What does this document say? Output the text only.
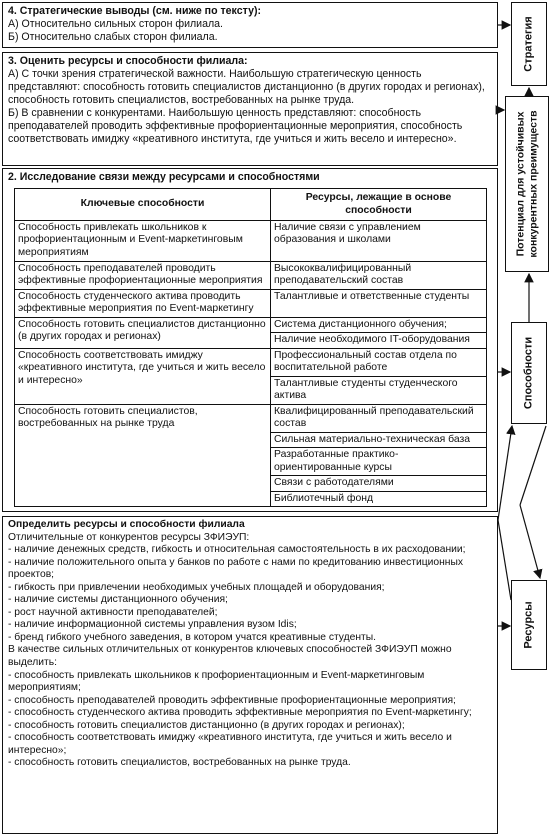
4. Стратегические выводы (см. ниже по тексту):
А) Относительно сильных сторон филиала.
Б) Относительно слабых сторон филиала.
3. Оценить ресурсы и способности филиала:
А) С точки зрения стратегической важности. Наибольшую стратегическую ценность представляют: способность готовить специалистов дистанционно (в других городах и регионах), способность готовить специалистов, востребованных на рынке труда.
Б) В сравнении с конкурентами. Наибольшую ценность представляют: способность преподавателей проводить эффективные профориентационные мероприятия, способность соответствовать имиджу «креативного института, где учиться и жить весело и интересно».
2. Исследование связи между ресурсами и способностями
Ключевые способности	Ресурсы, лежащие в основе способности
Способность привлекать школьников к профориентационным и Event-маркетинговым мероприятиям	Наличие связи с управлением образования и школами
Способность преподавателей проводить эффективные профориентационные мероприятия	Высококвалифицированный преподавательский состав
Способность студенческого актива проводить эффективные мероприятия по Event-маркетингу	Талантливые и ответственные студенты
Способность готовить специалистов дистанционно (в других городах и регионах)	Система дистанционного обучения;
	Наличие необходимого IT-оборудования
Способность соответствовать имиджу «креативного института, где учиться и жить весело и интересно»	Профессиональный состав отдела по воспитательной работе
	Талантливые студенты студенческого актива
Способность готовить специалистов, востребованных на рынке труда	Квалифицированный преподавательский состав
	Сильная материально-техническая база
	Разработанные практико-ориентированные курсы
	Связи с работодателями
	Библиотечный фонд
Определить ресурсы и способности филиала
Отличительные от конкурентов ресурсы ЗФИЭУП:
- наличие денежных средств, гибкость и относительная самостоятельность в их расходовании;
- наличие положительного опыта у банков по работе с нами по кредитованию инвестиционных проектов;
- гибкость при привлечении необходимых учебных площадей и оборудования;
- наличие системы дистанционного обучения;
- рост научной активности преподавателей;
- наличие информационной системы управления вузом Idis;
- бренд гибкого учебного заведения, в котором учатся креативные студенты.
В качестве сильных отличительных от конкурентов ключевых способностей ЗФИЭУП можно выделить:
- способность привлекать школьников к профориентационным и Event-маркетинговым мероприятиям;
- способность преподавателей проводить эффективные профориентационные мероприятия;
- способность студенческого актива проводить эффективные мероприятия по Event-маркетингу;
- способность готовить специалистов дистанционно (в других городах и регионах);
- способность соответствовать имиджу «креативного института, где учиться и жить весело и интересно»;
- способность готовить специалистов, востребованных на рынке труда.
Стратегия
Потенциал для устойчивых конкурентных преимуществ
Способности
Ресурсы
